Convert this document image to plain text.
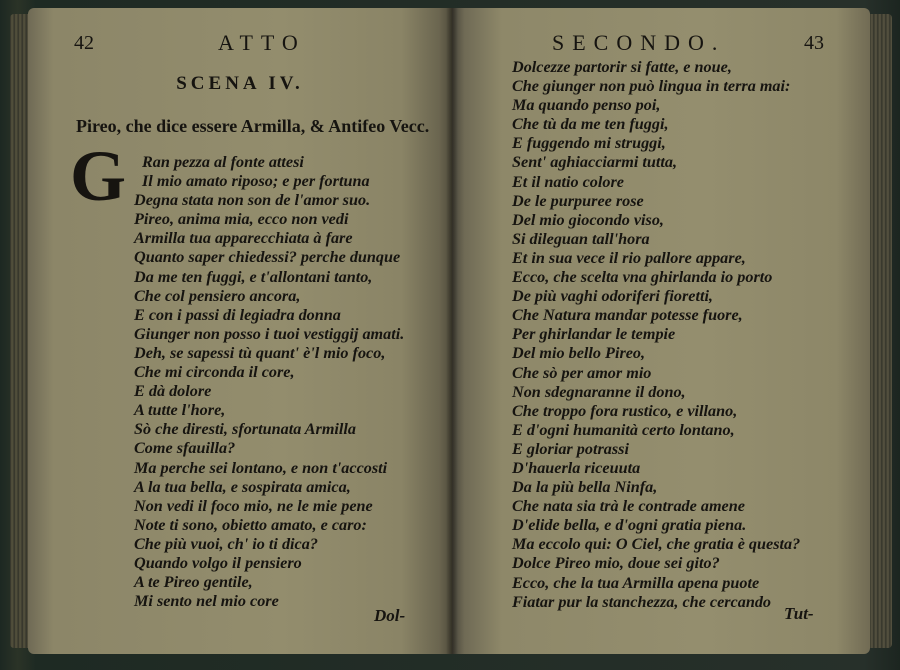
42	ATTO
SCENA IV.
Pireo, che dice essere Armilla, & Antifeo Vecc.
G Ran pezza al fonte attesi
Il mio amato riposo; e per fortuna
Degna stata non son de l'amor suo.
Pireo, anima mia, ecco non vedi
Armilla tua apparecchiata à fare
Quanto saper chiedessi? perche dunque
Da me ten fuggi, e t'allontani tanto,
Che col pensiero ancora,
E con i passi di legiadra donna
Giunger non posso i tuoi vestiggij amati.
Deh, se sapessi tù quant' è'l mio foco,
Che mi circonda il core,
E dà dolore
A tutte l'hore,
Sò che diresti, sfortunata Armilla
Come sfauilla?
Ma perche sei lontano, e non t'accosti
A la tua bella, e sospirata amica,
Non vedi il foco mio, ne le mie pene
Note ti sono, obietto amato, e caro:
Che più vuoi, ch' io ti dica?
Quando volgo il pensiero
A te Pireo gentile,
Mi sento nel mio core
Dol-
SECONDO.	43
Dolcezze partorir si fatte, e noue,
Che giunger non può lingua in terra mai:
Ma quando penso poi,
Che tù da me ten fuggi,
E fuggendo mi struggi,
Sent' aghiacciarmi tutta,
Et il natio colore
De le purpuree rose
Del mio giocondo viso,
Si dileguan tall'hora
Et in sua vece il rio pallore appare,
Ecco, che scelta vna ghirlanda io porto
De più vaghi odoriferi fioretti,
Che Natura mandar potesse fuore,
Per ghirlandar le tempie
Del mio bello Pireo,
Che sò per amor mio
Non sdegnaranne il dono,
Che troppo fora rustico, e villano,
E d'ogni humanità certo lontano,
E gloriar potrassi
D'hauerla riceuuta
Da la più bella Ninfa,
Che nata sia trà le contrade amene
D'elide bella, e d'ogni gratia piena.
Ma eccolo qui: O Ciel, che gratia è questa?
Dolce Pireo mio, doue sei gito?
Ecco, che la tua Armilla apena puote
Fiatar pur la stanchezza, che cercando
Tut-
